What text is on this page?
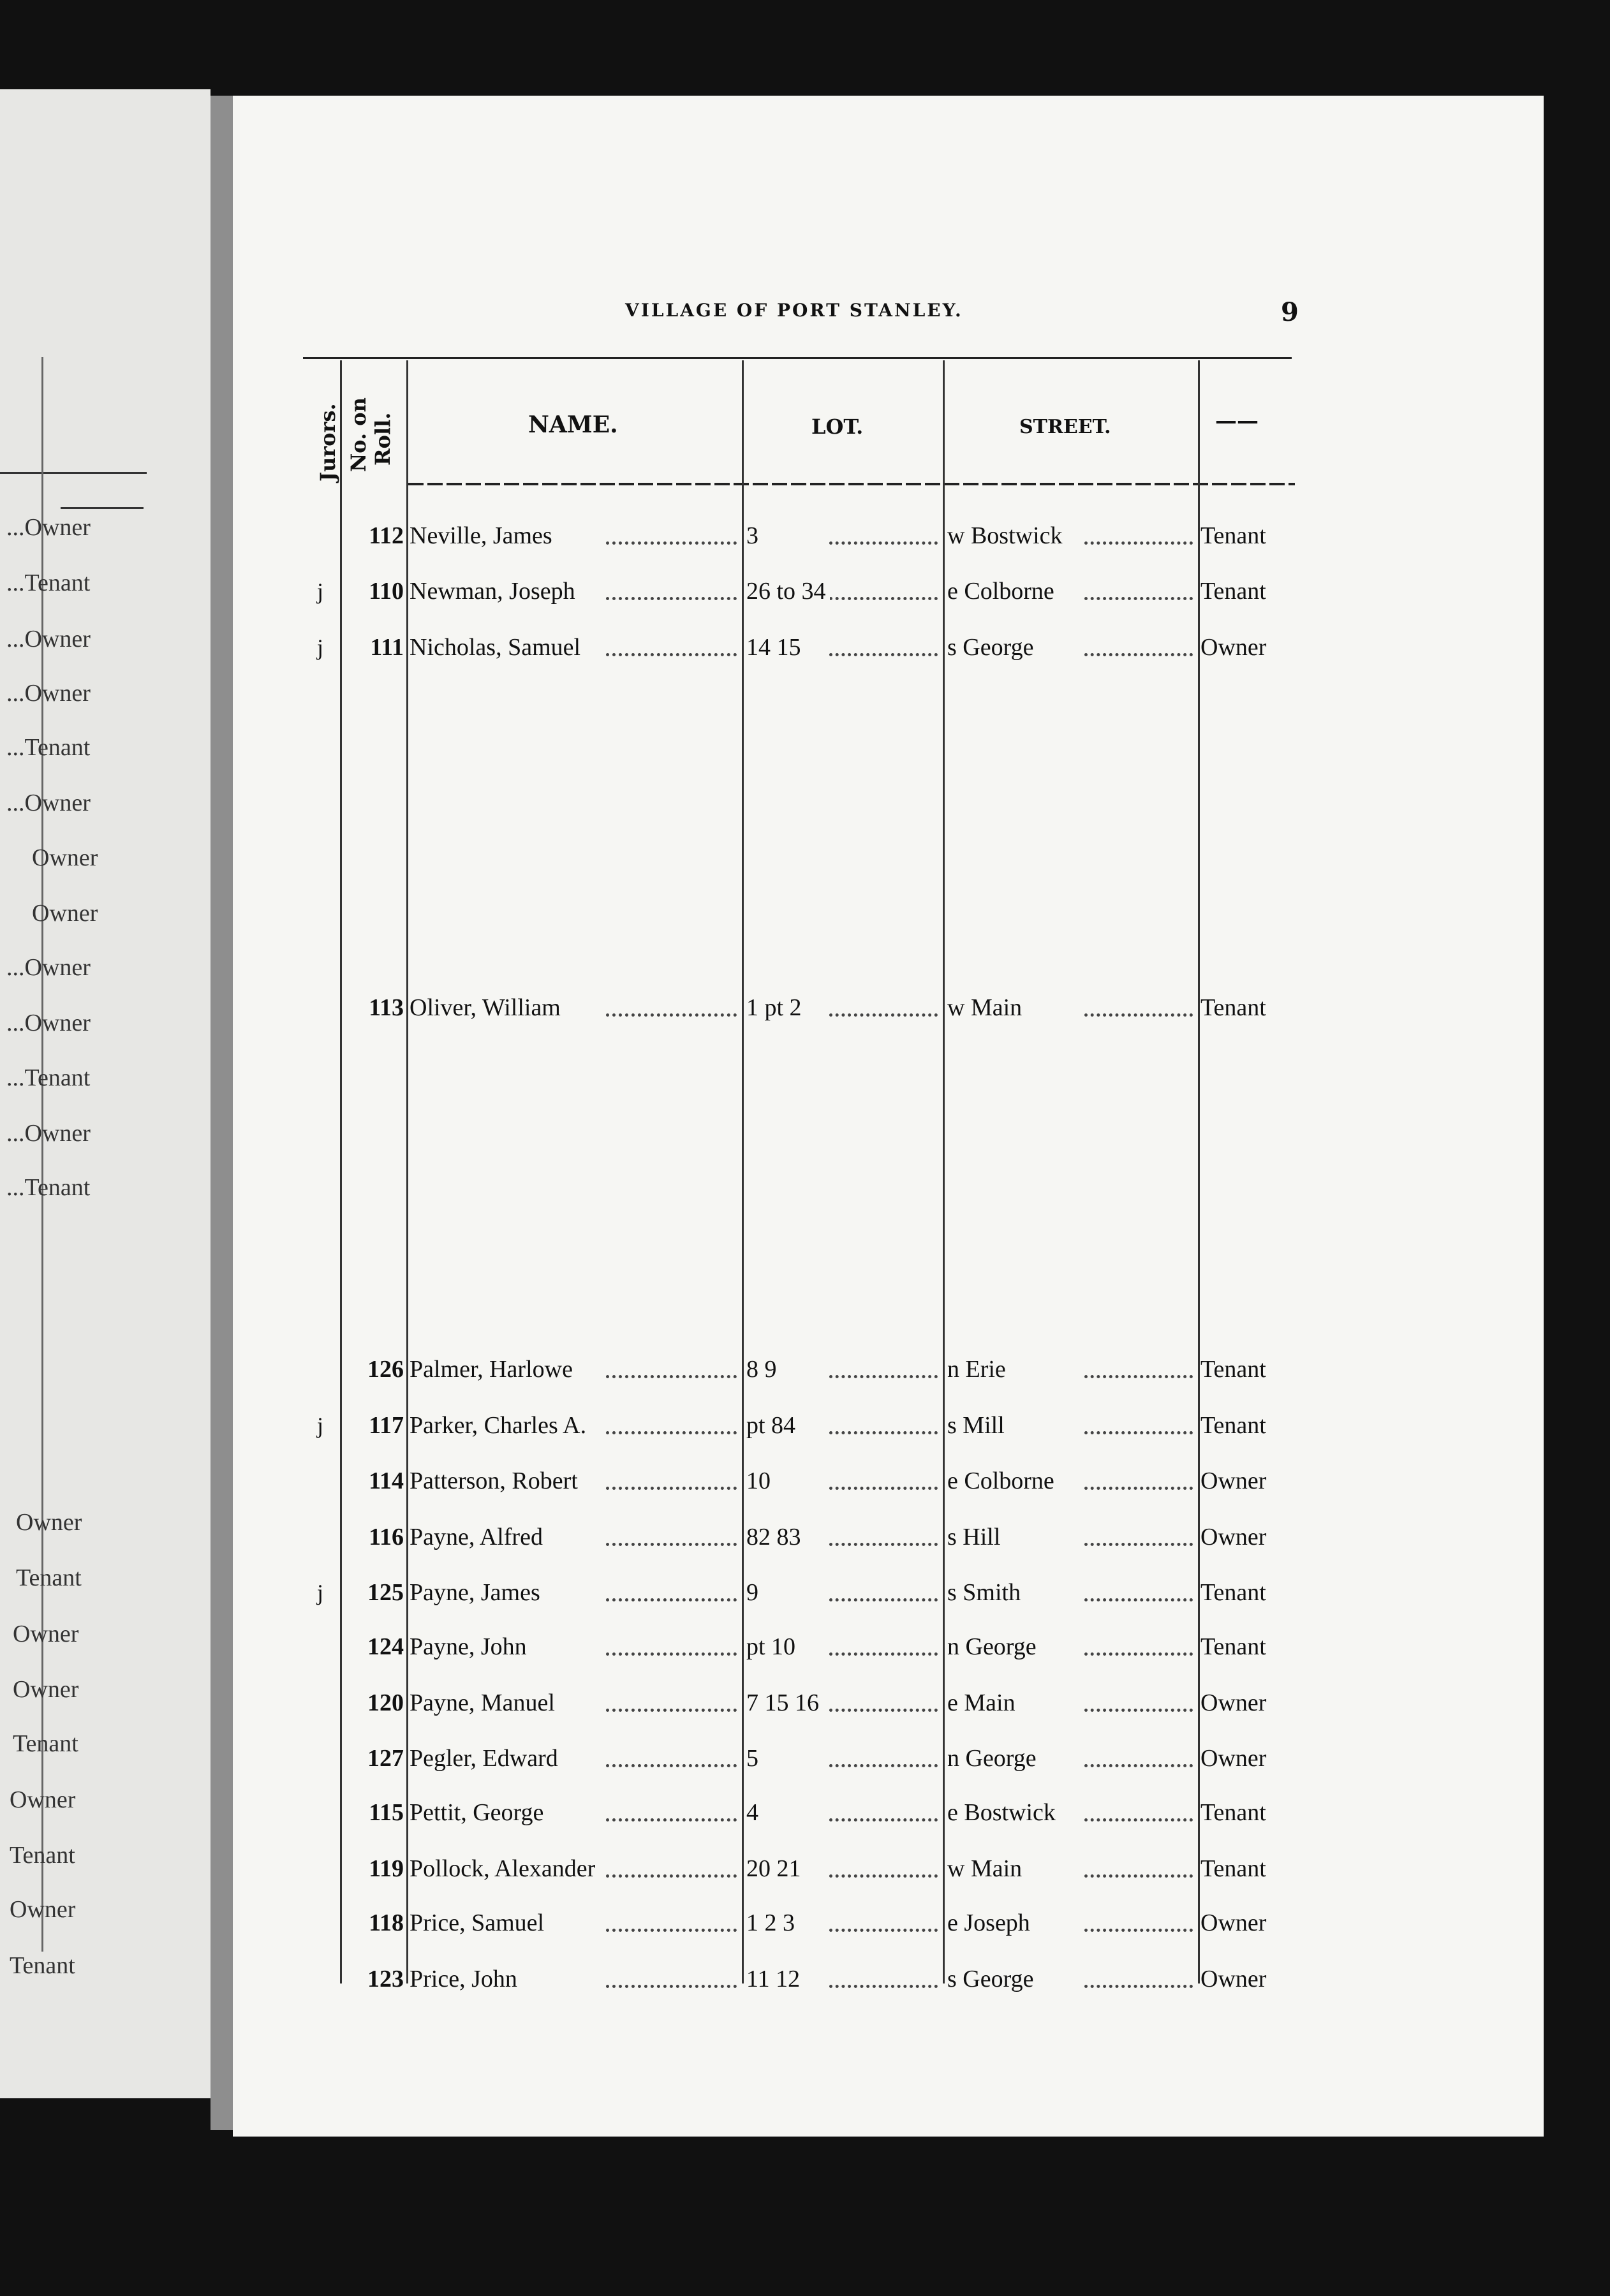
...Owner
...Tenant
...Owner
...Owner
...Tenant
...Owner
Owner
Owner
...Owner
...Owner
...Tenant
...Owner
...Tenant
Owner
Tenant
Owner
Owner
Tenant
Owner
Tenant
Owner
Tenant
VILLAGE OF PORT STANLEY.	9
Jurors. No. on Roll.	NAME.	LOT.	STREET.	——
112 Neville, James	3	w Bostwick	Tenant
j	110 Newman, Joseph	26 to 34	e Colborne	Tenant
j	111 Nicholas, Samuel	14 15	s George	Owner
113 Oliver, William	1 pt 2	w Main	Tenant
126 Palmer, Harlowe	8 9	n Erie	Tenant
j	117 Parker, Charles A.	pt 84	s Mill	Tenant
114 Patterson, Robert	10	e Colborne	Owner
116 Payne, Alfred	82 83	s Hill	Owner
j	125 Payne, James	9	s Smith	Tenant
124 Payne, John	pt 10	n George	Tenant
120 Payne, Manuel	7 15 16	e Main	Owner
127 Pegler, Edward	5	n George	Owner
115 Pettit, George	4	e Bostwick	Tenant
119 Pollock, Alexander	20 21	w Main	Tenant
118 Price, Samuel	1 2 3	e Joseph	Owner
123 Price, John	11 12	s George	Owner
